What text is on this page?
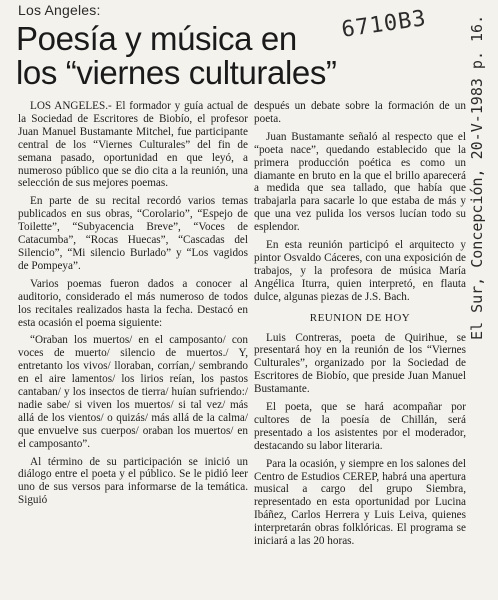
Los Angeles:
Poesía y música en
los “viernes culturales”
6710B3	El Sur, Concepción, 20-V-1983 p. 16.

LOS ANGELES.- El formador y guía actual de la Sociedad de Escritores de Biobío, el profesor Juan Manuel Bustamante Mitchel, fue participante central de los “Viernes Culturales” del fin de semana pasado, oportunidad en que leyó, a numeroso público que se dio cita a la reunión, una selección de sus mejores poemas.

En parte de su recital recordó varios temas publicados en sus obras, “Corolario”, “Espejo de Toilette”, “Subyacencia Breve”, “Voces de Catacumba”, “Rocas Huecas”, “Cascadas del Silencio”, “Mi silencio Burlado” y “Los vagidos de Pompeya”.

Varios poemas fueron dados a conocer al auditorio, considerado el más numeroso de todos los recitales realizados hasta la fecha. Destacó en esta ocasión el poema siguiente:

“Oraban los muertos/ en el camposanto/ con voces de muerto/ silencio de muertos./ Y, entretanto los vivos/ lloraban, corrían,/ sembrando en el aire lamentos/ los lirios reían, los pastos cantaban/ y los insectos de tierra/ huían sufriendo:/ nadie sabe/ si viven los muertos/ si tal vez/ más allá de los vientos/ o quizás/ más allá de la calma/ que envuelve sus cuerpos/ oraban los muertos/ en el camposanto”.

Al término de su participación se inició un diálogo entre el poeta y el público. Se le pidió leer uno de sus versos para informarse de la temática. Siguió

después un debate sobre la formación de un poeta.

Juan Bustamante señaló al respecto que el “poeta nace”, quedando establecido que la primera producción poética es como un diamante en bruto en la que el brillo aparecerá a medida que sea tallado, que había que trabajarla para sacarle lo que estaba de más y que una vez pulida los versos lucían todo su esplendor.

En esta reunión participó el arquitecto y pintor Osvaldo Cáceres, con una exposición de trabajos, y la profesora de música María Angélica Iturra, quien interpretó, en flauta dulce, algunas piezas de J.S. Bach.

REUNION DE HOY

Luis Contreras, poeta de Quirihue, se presentará hoy en la reunión de los “Viernes Culturales”, organizado por la Sociedad de Escritores de Biobío, que preside Juan Manuel Bustamante.

El poeta, que se hará acompañar por cultores de la poesía de Chillán, será presentado a los asistentes por el moderador, destacando su labor literaria.

Para la ocasión, y siempre en los salones del Centro de Estudios CEREP, habrá una apertura musical a cargo del grupo Siembra, representado en esta oportunidad por Lucina Ibáñez, Carlos Herrera y Luis Leiva, quienes interpretarán obras folklóricas. El programa se iniciará a las 20 horas.
